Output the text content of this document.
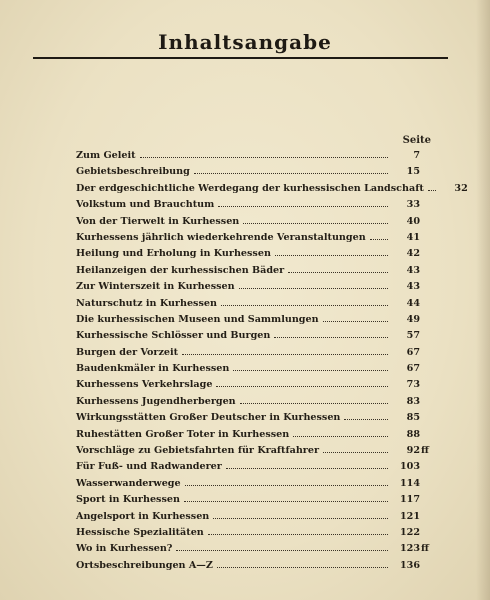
Inhaltsangabe
Seite
Zum Geleit	7
Gebietsbeschreibung	15
Der erdgeschichtliche Werdegang der kurhessischen Landschaft	32
Volkstum und Brauchtum	33
Von der Tierwelt in Kurhessen	40
Kurhessens jährlich wiederkehrende Veranstaltungen	41
Heilung und Erholung in Kurhessen	42
Heilanzeigen der kurhessischen Bäder	43
Zur Winterszeit in Kurhessen	43
Naturschutz in Kurhessen	44
Die kurhessischen Museen und Sammlungen	49
Kurhessische Schlösser und Burgen	57
Burgen der Vorzeit	67
Baudenkmäler in Kurhessen	67
Kurhessens Verkehrslage	73
Kurhessens Jugendherbergen	83
Wirkungsstätten Großer Deutscher in Kurhessen	85
Ruhestätten Großer Toter in Kurhessen	88
Vorschläge zu Gebietsfahrten für Kraftfahrer	92ff
Für Fuß- und Radwanderer	103
Wasserwanderwege	114
Sport in Kurhessen	117
Angelsport in Kurhessen	121
Hessische Spezialitäten	122
Wo in Kurhessen?	123ff
Ortsbeschreibungen A—Z	136
